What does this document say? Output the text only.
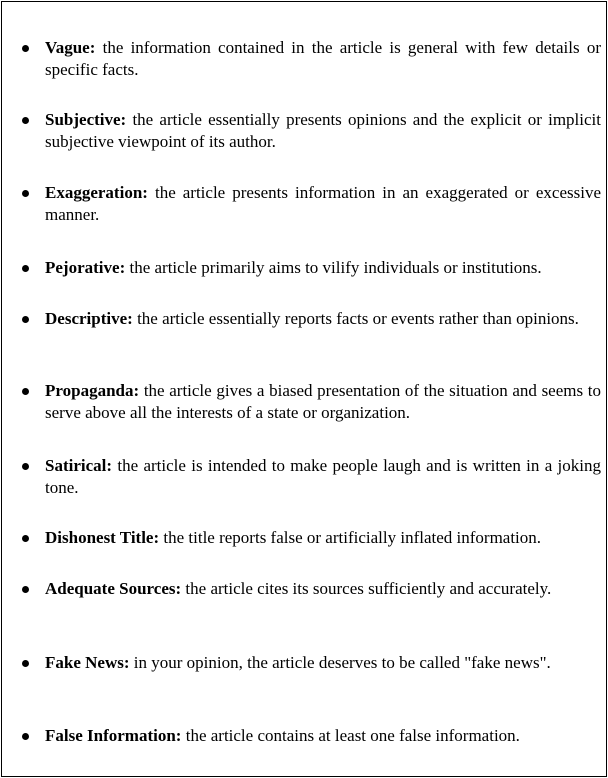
Vague: the information contained in the article is general with few details or specific facts.
Subjective: the article essentially presents opinions and the explicit or implicit subjective viewpoint of its author.
Exaggeration: the article presents information in an exaggerated or excessive manner.
Pejorative: the article primarily aims to vilify individuals or institutions.
Descriptive: the article essentially reports facts or events rather than opinions.
Propaganda: the article gives a biased presentation of the situation and seems to serve above all the interests of a state or organization.
Satirical: the article is intended to make people laugh and is written in a joking tone.
Dishonest Title: the title reports false or artificially inflated information.
Adequate Sources: the article cites its sources sufficiently and accurately.
Fake News: in your opinion, the article deserves to be called "fake news".
False Information: the article contains at least one false information.
